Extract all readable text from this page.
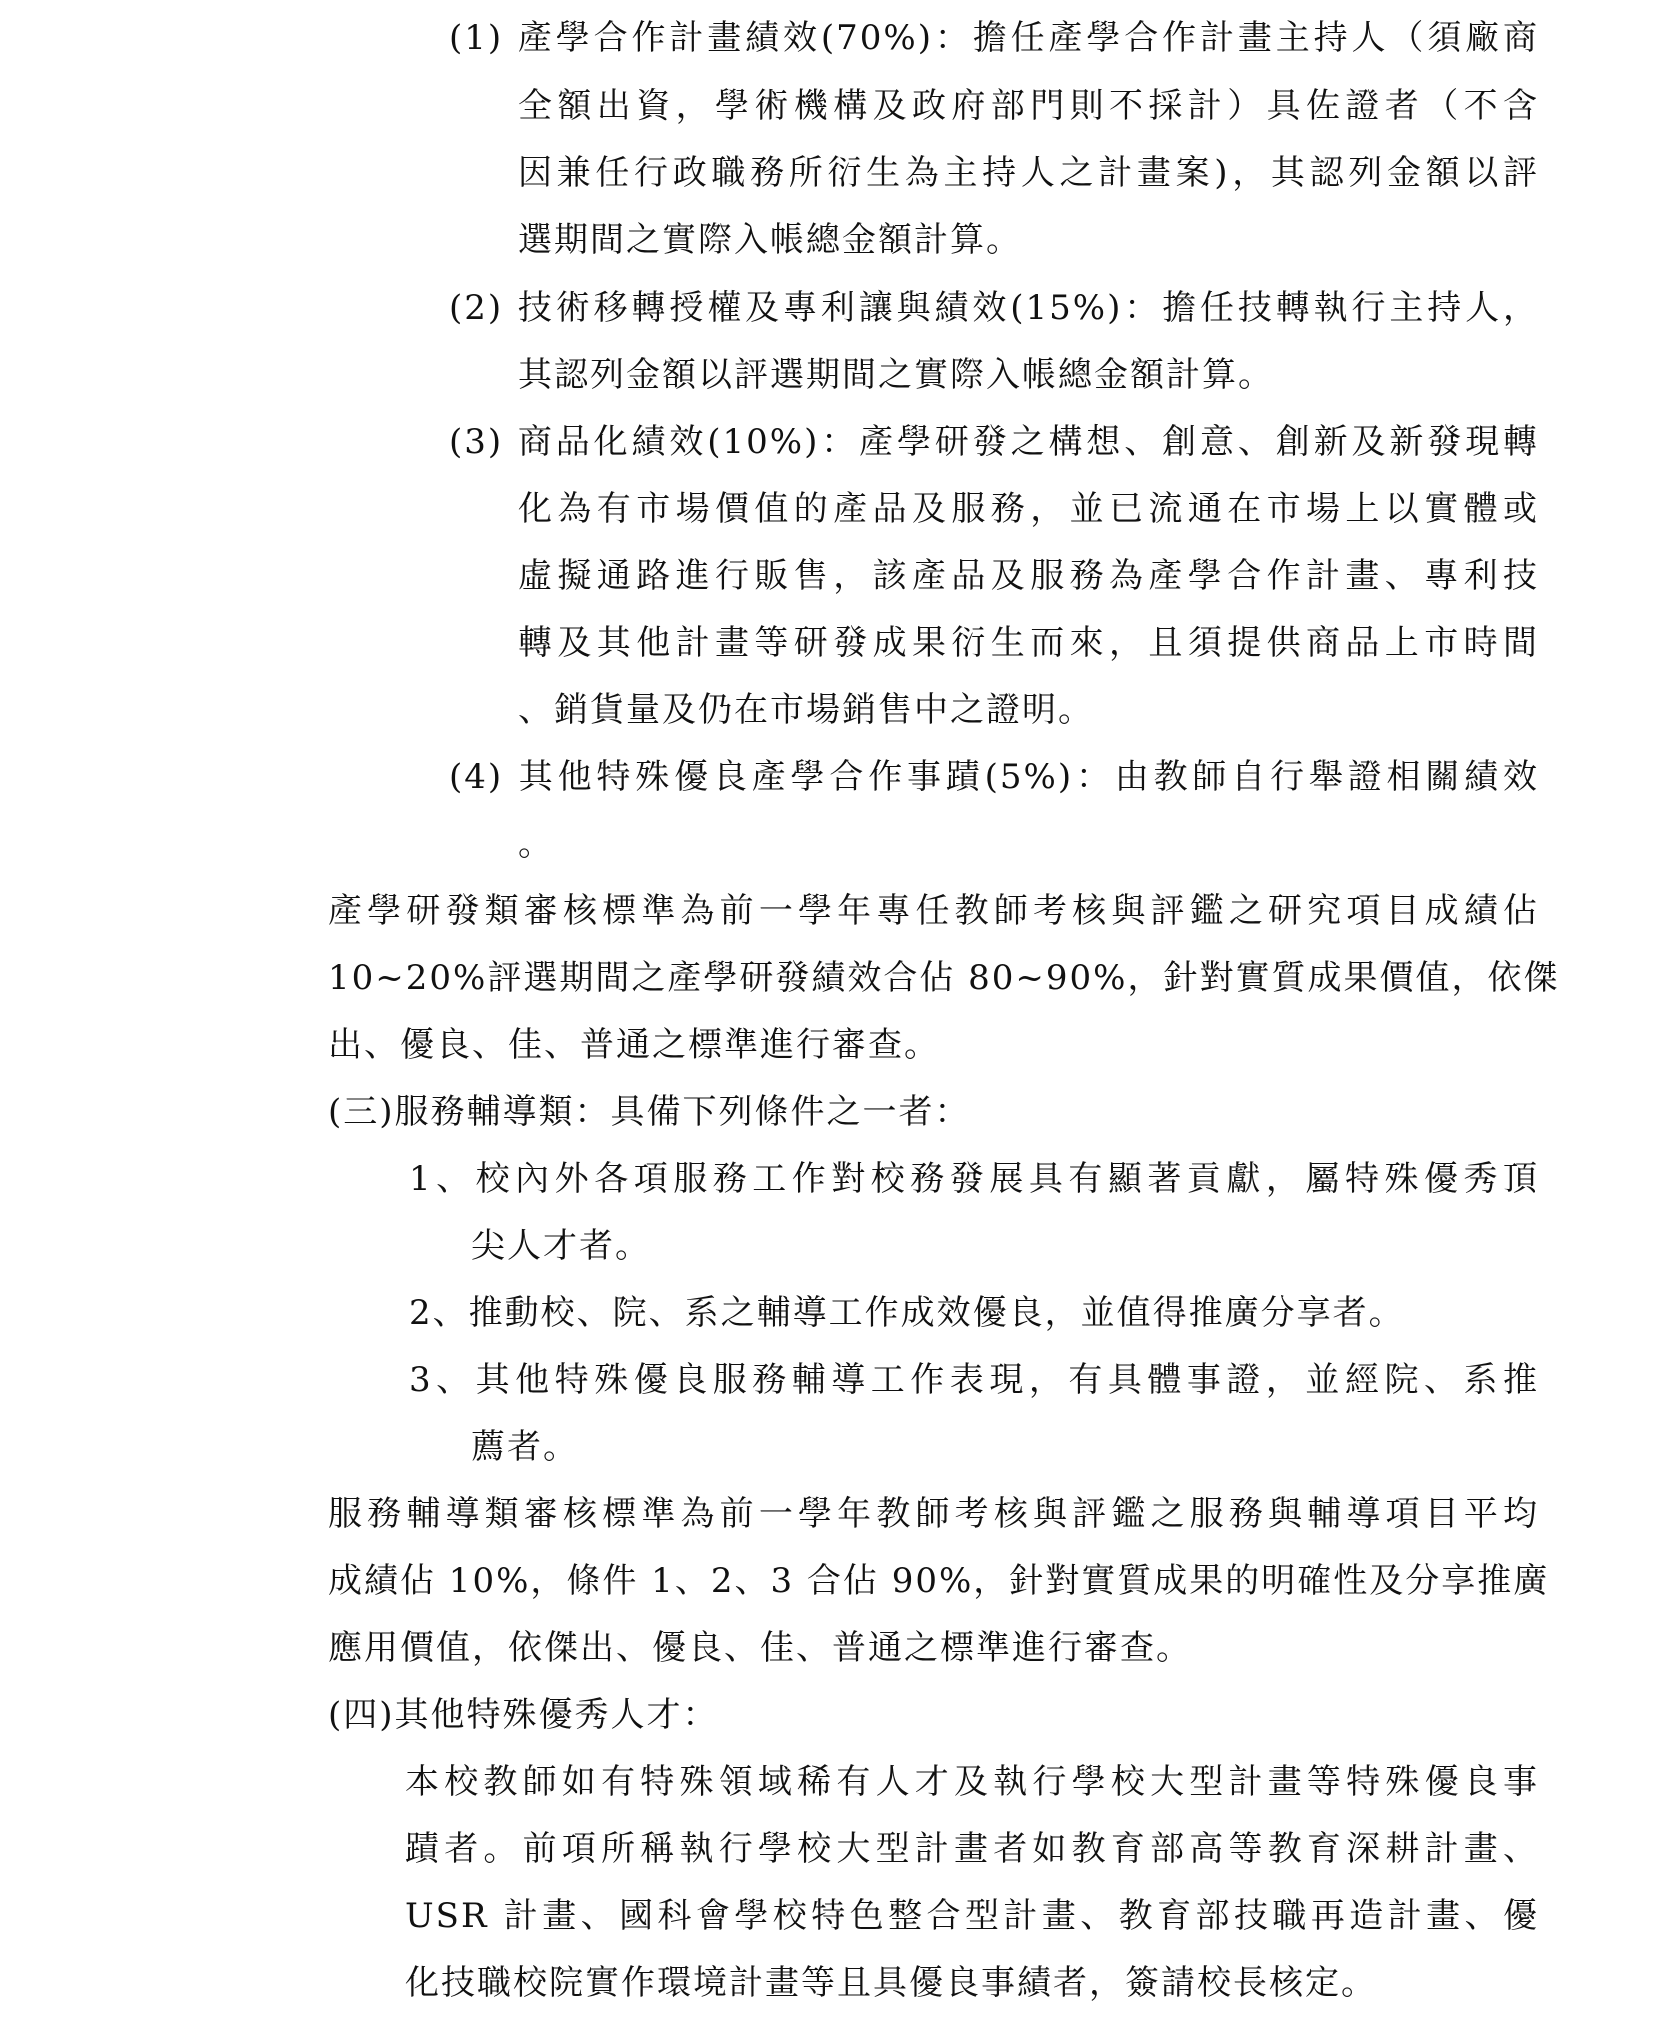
(1) 產學合作計畫績效(70%)：擔任產學合作計畫主持人（須廠商
全額出資，學術機構及政府部門則不採計）具佐證者（不含
因兼任行政職務所衍生為主持人之計畫案)，其認列金額以評
選期間之實際入帳總金額計算。
(2) 技術移轉授權及專利讓與績效(15%)：擔任技轉執行主持人，
其認列金額以評選期間之實際入帳總金額計算。
(3) 商品化績效(10%)：產學研發之構想、創意、創新及新發現轉
化為有市場價值的產品及服務，並已流通在市場上以實體或
虛擬通路進行販售，該產品及服務為產學合作計畫、專利技
轉及其他計畫等研發成果衍生而來，且須提供商品上市時間
、銷貨量及仍在市場銷售中之證明。
(4) 其他特殊優良產學合作事蹟(5%)：由教師自行舉證相關績效
。
產學研發類審核標準為前一學年專任教師考核與評鑑之研究項目成績佔
10~20%評選期間之產學研發績效合佔 80~90%，針對實質成果價值，依傑
出、優良、佳、普通之標準進行審查。
(三)服務輔導類：具備下列條件之一者：
1、校內外各項服務工作對校務發展具有顯著貢獻，屬特殊優秀頂
尖人才者。
2、推動校、院、系之輔導工作成效優良，並值得推廣分享者。
3、其他特殊優良服務輔導工作表現，有具體事證，並經院、系推
薦者。
服務輔導類審核標準為前一學年教師考核與評鑑之服務與輔導項目平均
成績佔 10%，條件 1、2、3 合佔 90%，針對實質成果的明確性及分享推廣
應用價值，依傑出、優良、佳、普通之標準進行審查。
(四)其他特殊優秀人才：
本校教師如有特殊領域稀有人才及執行學校大型計畫等特殊優良事
蹟者。前項所稱執行學校大型計畫者如教育部高等教育深耕計畫、
USR 計畫、國科會學校特色整合型計畫、教育部技職再造計畫、優
化技職校院實作環境計畫等且具優良事績者，簽請校長核定。
